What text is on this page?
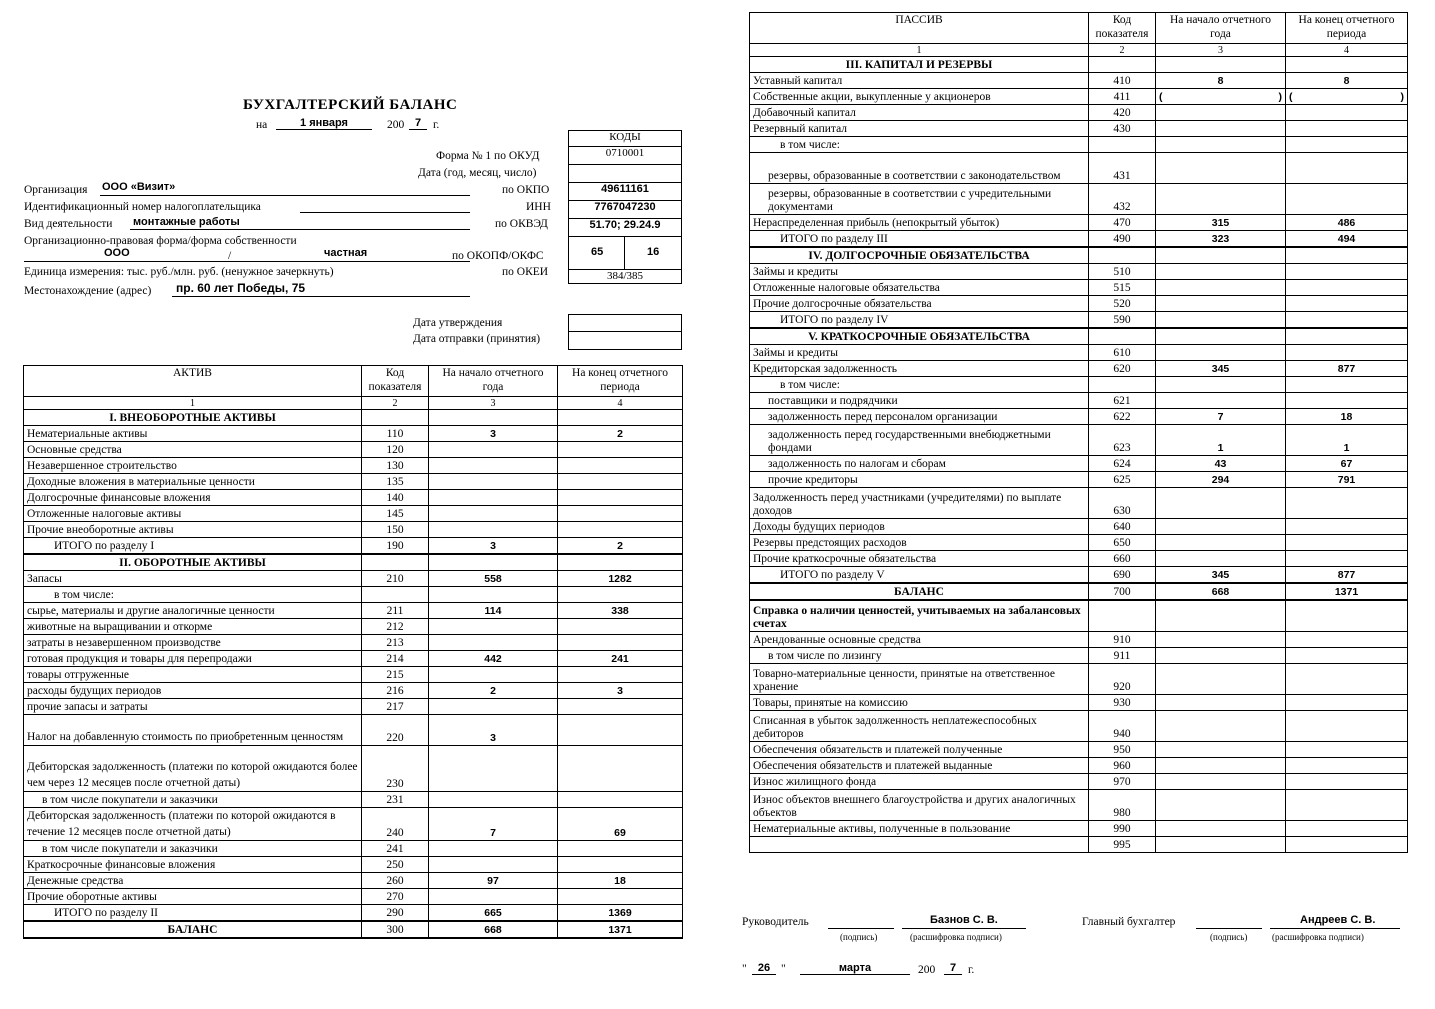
БУХГАЛТЕРСКИЙ БАЛАНС
на	1 января	200 7	г.
КОДЫ
0710001
49611161
7767047230
51.70; 29.24.9
65	16
384/385
Форма № 1 по ОКУД
Дата (год, месяц, число)
Организация ООО «Визит»	по ОКПО
Идентификационный номер налогоплательщика	ИНН
Вид деятельности монтажные работы	по ОКВЭД
Организационно-правовая форма/форма собственности
ООО	/	частная	по ОКОПФ/ОКФС
Единица измерения: тыс. руб./млн. руб. (ненужное зачеркнуть)	по ОКЕИ
Местонахождение (адрес) пр. 60 лет Победы, 75
Дата утверждения
Дата отправки (принятия)
АКТИВ	Код показателя	На начало отчетного года	На конец отчетного периода
1	2	3	4
I. ВНЕОБОРОТНЫЕ АКТИВЫ			
Нематериальные активы	110	3	2
Основные средства	120		
Незавершенное строительство	130		
Доходные вложения в материальные ценности	135		
Долгосрочные финансовые вложения	140		
Отложенные налоговые активы	145		
Прочие внеоборотные активы	150		
ИТОГО по разделу I	190	3	2
II. ОБОРОТНЫЕ АКТИВЫ			
Запасы	210	558	1282
в том числе:			
сырье, материалы и другие аналогичные ценности	211	114	338
животные на выращивании и откорме	212		
затраты в незавершенном производстве	213		
готовая продукция и товары для перепродажи	214	442	241
товары отгруженные	215		
расходы будущих периодов	216	2	3
прочие запасы и затраты	217		
Налог на добавленную стоимость по приобретенным ценностям	220	3	
Дебиторская задолженность (платежи по которой ожидаются более чем через 12 месяцев после отчетной даты)	230		
в том числе покупатели и заказчики	231		
Дебиторская задолженность (платежи по которой ожидаются в течение 12 месяцев после отчетной даты)	240	7	69
в том числе покупатели и заказчики	241		
Краткосрочные финансовые вложения	250		
Денежные средства	260	97	18
Прочие оборотные активы	270		
ИТОГО по разделу II	290	665	1369
БАЛАНС	300	668	1371
ПАССИВ	Код показателя	На начало отчетного года	На конец отчетного периода
1	2	3	4
III. КАПИТАЛ И РЕЗЕРВЫ			
Уставный капитал	410	8	8
Собственные акции, выкупленные у акционеров	411	( )	( )

Добавочный капитал	420		
Резервный капитал	430		
в том числе:			
резервы, образованные в соответствии с законодательством	431		
резервы, образованные в соответствии с учредительными документами	432		
Нераспределенная прибыль (непокрытый убыток)	470	315	486
ИТОГО по разделу III	490	323	494
IV. ДОЛГОСРОЧНЫЕ ОБЯЗАТЕЛЬСТВА			
Займы и кредиты	510		
Отложенные налоговые обязательства	515		
Прочие долгосрочные обязательства	520		
ИТОГО по разделу IV	590		
V. КРАТКОСРОЧНЫЕ ОБЯЗАТЕЛЬСТВА			
Займы и кредиты	610		
Кредиторская задолженность	620	345	877
в том числе:			
поставщики и подрядчики	621		
задолженность перед персоналом организации	622	7	18
задолженность перед государственными внебюджетными фондами	623	1	1
задолженность по налогам и сборам	624	43	67
прочие кредиторы	625	294	791
Задолженность перед участниками (учредителями) по выплате доходов	630		
Доходы будущих периодов	640		
Резервы предстоящих расходов	650		
Прочие краткосрочные обязательства	660		
ИТОГО по разделу V	690	345	877
БАЛАНС	700	668	1371
Справка о наличии ценностей, учитываемых на забалансовых счетах			
Арендованные основные средства	910		
в том числе по лизингу	911		
Товарно-материальные ценности, принятые на ответственное хранение	920		
Товары, принятые на комиссию	930		
Списанная в убыток задолженность неплатежеспособных дебиторов	940		
Обеспечения обязательств и платежей полученные	950		
Обеспечения обязательств и платежей выданные	960		
Износ жилищного фонда	970		
Износ объектов внешнего благоустройства и других аналогичных объектов	980		
Нематериальные активы, полученные в пользование	990		
	995		
Руководитель	Базнов С. В.
(подпись)	(расшифровка подписи)
Главный бухгалтер	Андреев С. В.
(подпись)	(расшифровка подписи)
"	26 "	марта	200	7	г.
